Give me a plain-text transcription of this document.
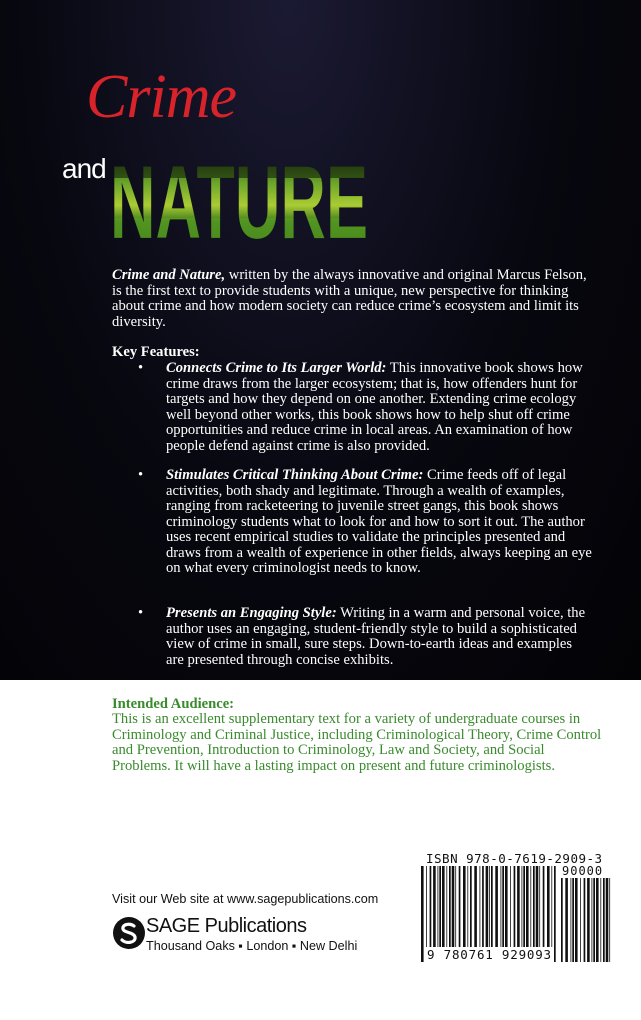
Crime
and NATURE
Crime and Nature, written by the always innovative and original Marcus Felson, is the first text to provide students with a unique, new perspective for thinking about crime and how modern society can reduce crime’s ecosystem and limit its diversity.
Key Features:
• Connects Crime to Its Larger World: This innovative book shows how crime draws from the larger ecosystem; that is, how offenders hunt for targets and how they depend on one another. Extending crime ecology well beyond other works, this book shows how to help shut off crime opportunities and reduce crime in local areas. An examination of how people defend against crime is also provided.
• Stimulates Critical Thinking About Crime: Crime feeds off of legal activities, both shady and legitimate. Through a wealth of examples, ranging from racketeering to juvenile street gangs, this book shows criminology students what to look for and how to sort it out. The author uses recent empirical studies to validate the principles presented and draws from a wealth of experience in other fields, always keeping an eye on what every criminologist needs to know.
• Presents an Engaging Style: Writing in a warm and personal voice, the author uses an engaging, student-friendly style to build a sophisticated view of crime in small, sure steps. Down-to-earth ideas and examples are presented through concise exhibits.
Intended Audience:
This is an excellent supplementary text for a variety of undergraduate courses in Criminology and Criminal Justice, including Criminological Theory, Crime Control and Prevention, Introduction to Criminology, Law and Society, and Social Problems. It will have a lasting impact on present and future criminologists.
Visit our Web site at www.sagepublications.com
SAGE Publications
Thousand Oaks ▪ London ▪ New Delhi
ISBN 978-0-7619-2909-3
90000
9 780761 929093
